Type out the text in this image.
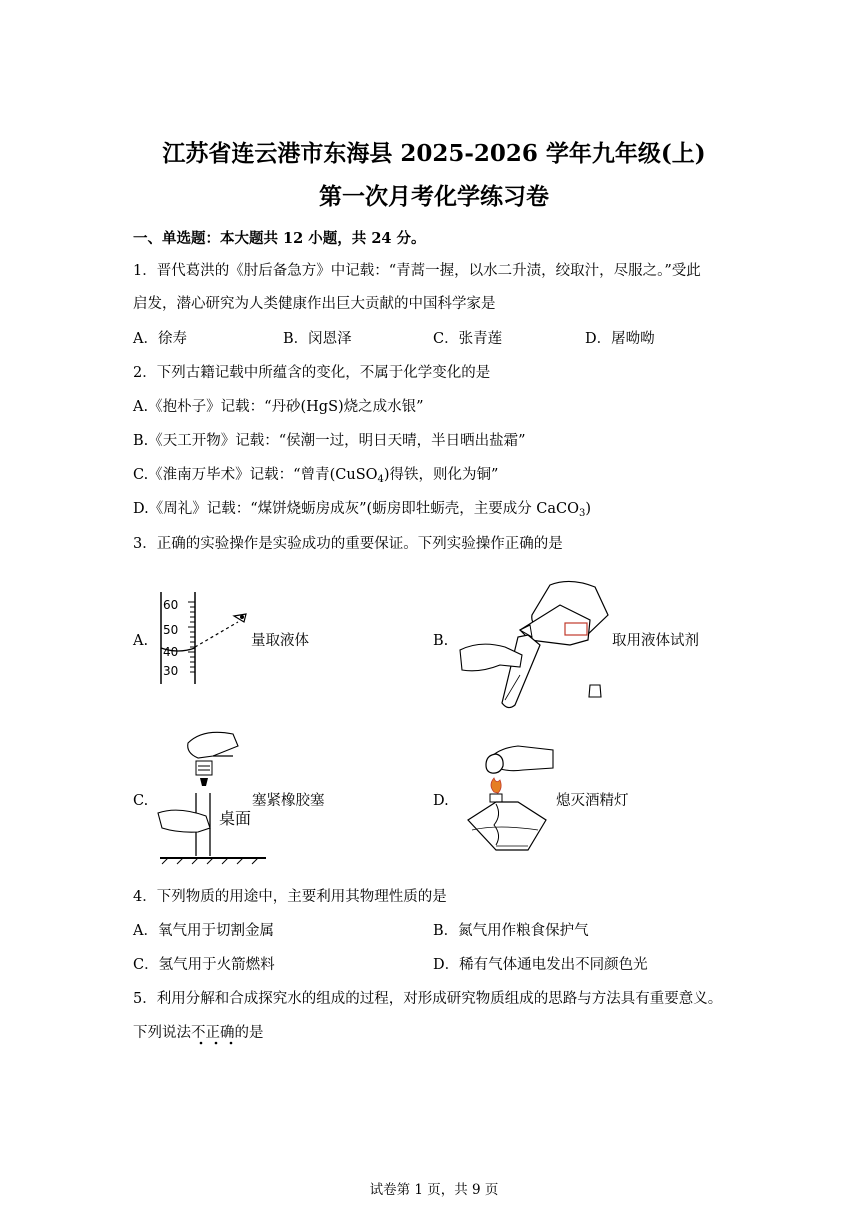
江苏省连云港市东海县 2025-2026 学年九年级(上)
第一次月考化学练习卷
一、单选题：本大题共 12 小题，共 24 分。
1．晋代葛洪的《肘后备急方》中记载：“青蒿一握，以水二升渍，绞取汁，尽服之。”受此
启发，潜心研究为人类健康作出巨大贡献的中国科学家是
A．徐寿	B．闵恩泽	C．张青莲	D．屠呦呦
2．下列古籍记载中所蕴含的变化，不属于化学变化的是
A.《抱朴子》记载：“丹砂(HgS)烧之成水银”
B.《天工开物》记载：“侯潮一过，明日天晴，半日晒出盐霜”
C.《淮南万毕术》记载：“曾青(CuSO$_4$)得铁，则化为铜”
D.《周礼》记载：“煤饼烧蛎房成灰”(蛎房即牡蛎壳，主要成分 CaCO$_3$)
3．正确的实验操作是实验成功的重要保证。下列实验操作正确的是
A.
60
50
40
30
量取液体	B.	取用液体试剂
C.
桌面
塞紧橡胶塞	D.	熄灭酒精灯
4．下列物质的用途中，主要利用其物理性质的是
A．氧气用于切割金属	B．氮气用作粮食保护气
C．氢气用于火箭燃料	D．稀有气体通电发出不同颜色光
5．利用分解和合成探究水的组成的过程，对形成研究物质组成的思路与方法具有重要意义。
下列说法不正确的是
试卷第 1 页，共 9 页
